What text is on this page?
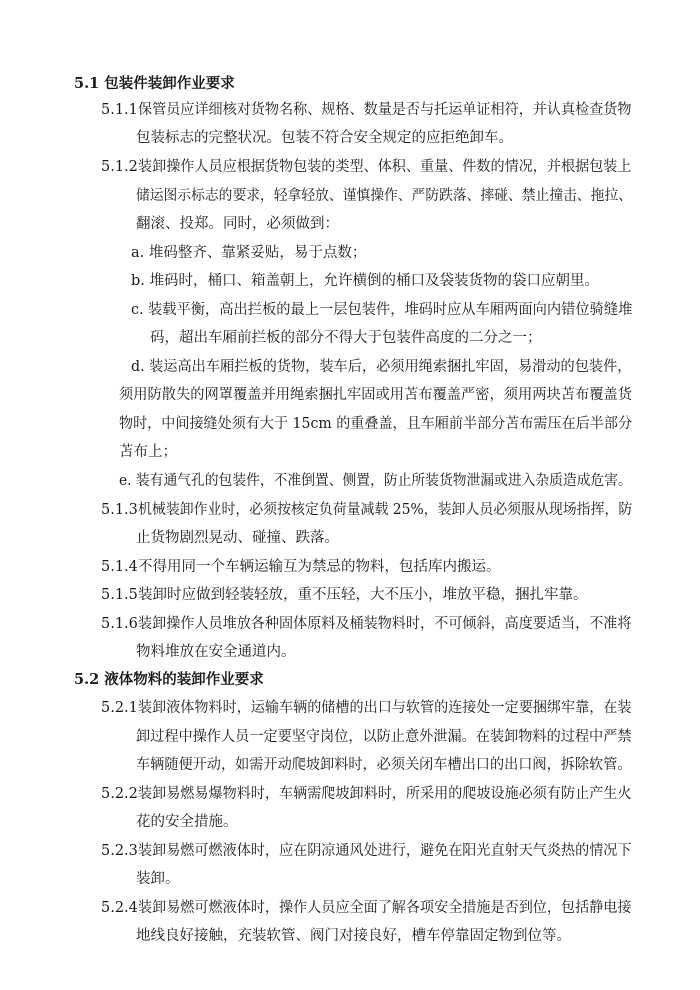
5.1 包装件装卸作业要求
5.1.1 保管员应详细核对货物名称、规格、数量是否与托运单证相符，并认真检查货物
包装标志的完整状况。包装不符合安全规定的应拒绝卸车。
5.1.2 装卸操作人员应根据货物包装的类型、体积、重量、件数的情况，并根据包装上
储运图示标志的要求，轻拿轻放、谨慎操作、严防跌落、摔碰、禁止撞击、拖拉、
翻滚、投郑。同时，必须做到：
a. 堆码整齐、靠紧妥贴，易于点数；
b. 堆码时，桶口、箱盖朝上，允许横倒的桶口及袋装货物的袋口应朝里。
c. 装载平衡，高出拦板的最上一层包装件，堆码时应从车厢两面向内错位骑缝堆
码，超出车厢前拦板的部分不得大于包装件高度的二分之一；
d. 装运高出车厢拦板的货物，装车后，必须用绳索捆扎牢固，易滑动的包装件，
须用防散失的网罩覆盖并用绳索捆扎牢固或用苫布覆盖严密，须用两块苫布覆盖货
物时，中间接缝处须有大于 15cm 的重叠盖，且车厢前半部分苫布需压在后半部分
苫布上；
e. 装有通气孔的包装件，不准倒置、侧置，防止所装货物泄漏或进入杂质造成危害。
5.1.3 机械装卸作业时，必须按核定负荷量减载 25%，装卸人员必须服从现场指挥，防
止货物剧烈晃动、碰撞、跌落。
5.1.4 不得用同一个车辆运输互为禁忌的物料，包括库内搬运。
5.1.5 装卸时应做到轻装轻放，重不压轻，大不压小，堆放平稳，捆扎牢靠。
5.1.6 装卸操作人员堆放各种固体原料及桶装物料时，不可倾斜，高度要适当，不准将
物料堆放在安全通道内。
5.2 液体物料的装卸作业要求
5.2.1 装卸液体物料时，运输车辆的储槽的出口与软管的连接处一定要捆绑牢靠，在装
卸过程中操作人员一定要坚守岗位，以防止意外泄漏。在装卸物料的过程中严禁
车辆随便开动，如需开动爬坡卸料时，必须关闭车槽出口的出口阀，拆除软管。
5.2.2 装卸易燃易爆物料时，车辆需爬坡卸料时，所采用的爬坡设施必须有防止产生火
花的安全措施。
5.2.3 装卸易燃可燃液体时，应在阴凉通风处进行，避免在阳光直射天气炎热的情况下
装卸。
5.2.4 装卸易燃可燃液体时，操作人员应全面了解各项安全措施是否到位，包括静电接
地线良好接触，充装软管、阀门对接良好，槽车停靠固定物到位等。
